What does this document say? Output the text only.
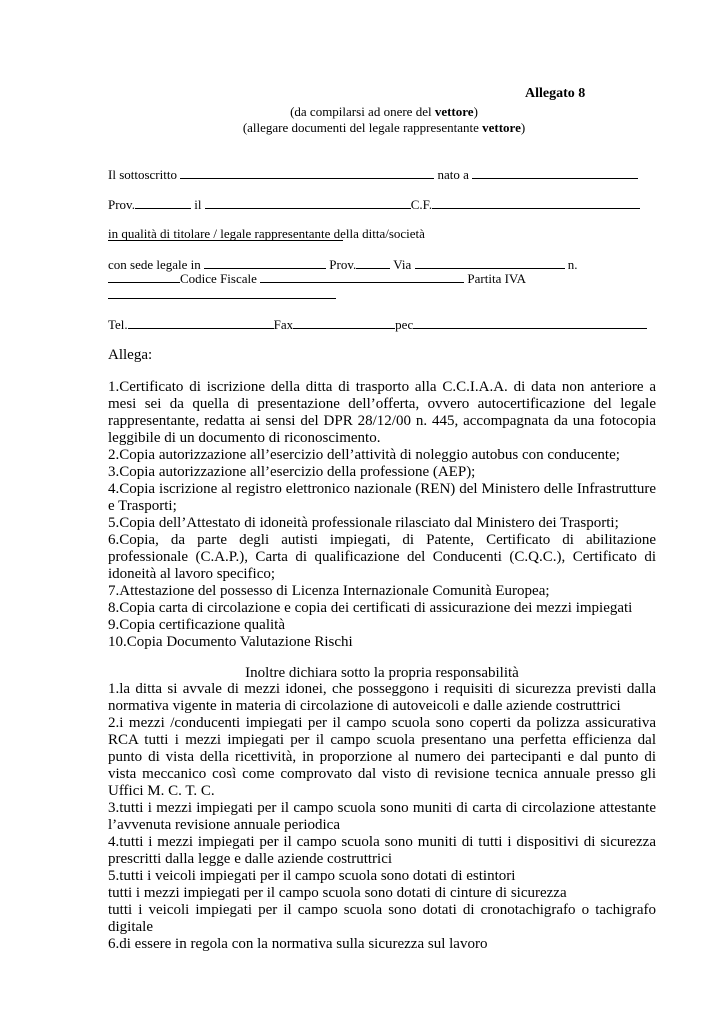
Allegato 8
(da compilarsi ad onere del vettore)
(allegare documenti del legale rappresentante vettore)
Il sottoscritto	nato a
Prov.	il	C.F.
in qualità di titolare / legale rappresentante della ditta/società
con sede legale in	Prov.	Via	n.
Codice Fiscale	Partita IVA
Tel.	Fax	pec
Allega:
1.Certificato di iscrizione della ditta di trasporto alla C.C.I.A.A. di data non anteriore a mesi sei da quella di presentazione dell’offerta, ovvero autocertificazione del legale rappresentante, redatta ai sensi del DPR 28/12/00 n. 445, accompagnata da una fotocopia leggibile di un documento di riconoscimento.
2.Copia autorizzazione all’esercizio dell’attività di noleggio autobus con conducente;
3.Copia autorizzazione all’esercizio della professione (AEP);
4.Copia iscrizione al registro elettronico nazionale (REN) del Ministero delle Infrastrutture e Trasporti;
5.Copia dell’Attestato di idoneità professionale rilasciato dal Ministero dei Trasporti;
6.Copia, da parte degli autisti impiegati, di Patente, Certificato di abilitazione professionale (C.A.P.), Carta di qualificazione del Conducenti (C.Q.C.), Certificato di idoneità al lavoro specifico;
7.Attestazione del possesso di Licenza Internazionale Comunità Europea;
8.Copia carta di circolazione e copia dei certificati di assicurazione dei mezzi impiegati
9.Copia certificazione qualità
10.Copia Documento Valutazione Rischi
Inoltre dichiara sotto la propria responsabilità
1.la ditta si avvale di mezzi idonei, che posseggono i requisiti di sicurezza previsti dalla normativa vigente in materia di circolazione di autoveicoli e dalle aziende costruttrici
2.i mezzi /conducenti impiegati per il campo scuola sono coperti da polizza assicurativa RCA tutti i mezzi impiegati per il campo scuola presentano una perfetta efficienza dal punto di vista della ricettività, in proporzione al numero dei partecipanti e dal punto di vista meccanico così come comprovato dal visto di revisione tecnica annuale presso gli Uffici M. C. T. C.
3.tutti i mezzi impiegati per il campo scuola sono muniti di carta di circolazione attestante l’avvenuta revisione annuale periodica
4.tutti i mezzi impiegati per il campo scuola sono muniti di tutti i dispositivi di sicurezza prescritti dalla legge e dalle aziende costruttrici
5.tutti i veicoli impiegati per il campo scuola sono dotati di estintori
tutti i mezzi impiegati per il campo scuola sono dotati di cinture di sicurezza
tutti i veicoli impiegati per il campo scuola sono dotati di cronotachigrafo o tachigrafo digitale
6.di essere in regola con la normativa sulla sicurezza sul lavoro
